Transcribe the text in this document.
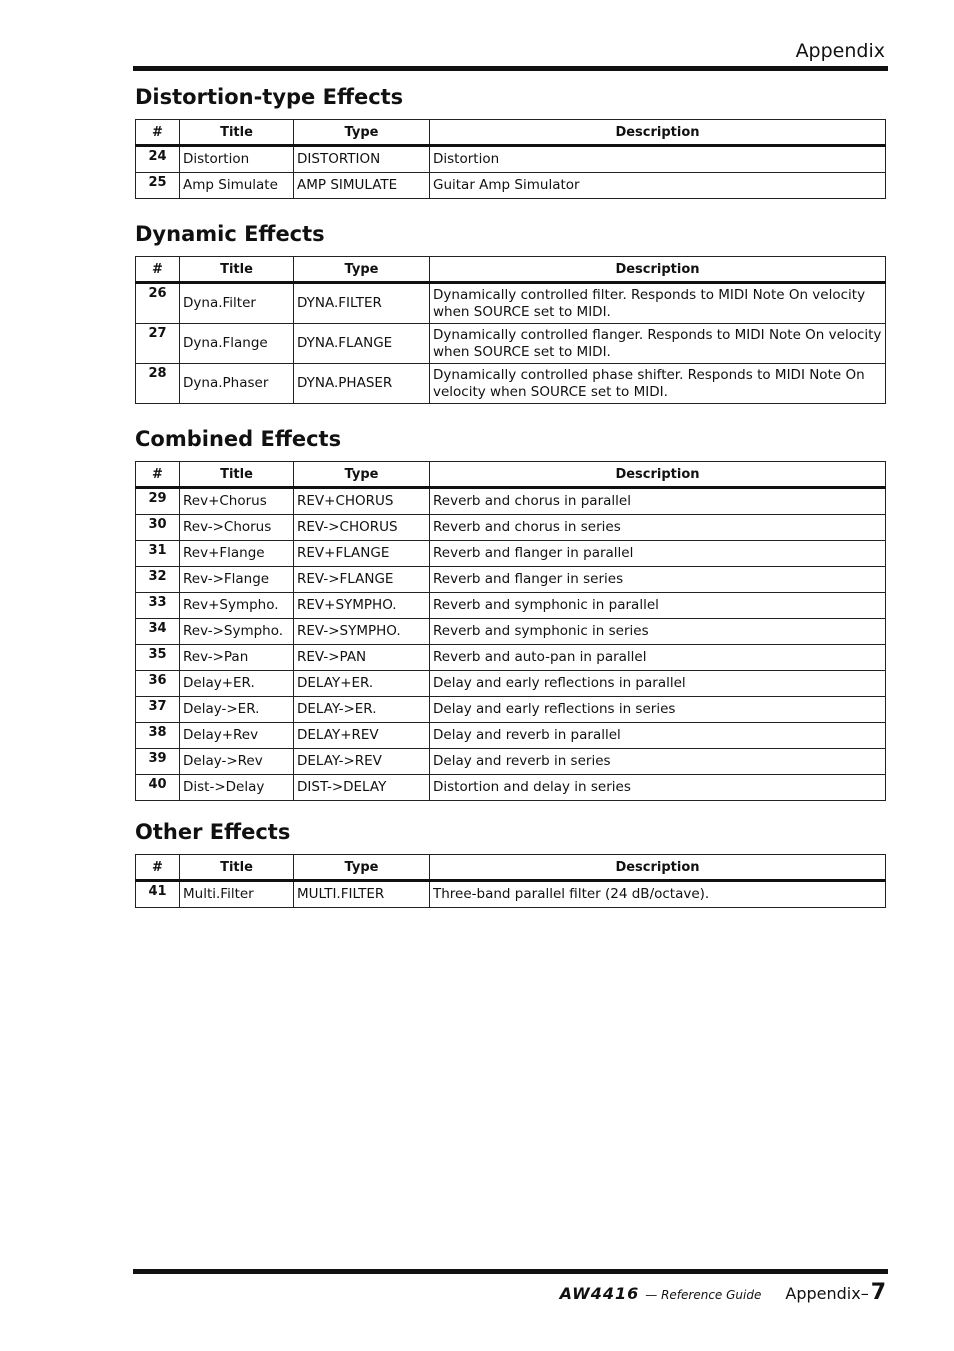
Appendix
Distortion-type Effects
#	Title	Type	Description
24	Distortion	DISTORTION	Distortion
25	Amp Simulate	AMP SIMULATE	Guitar Amp Simulator
Dynamic Effects
#	Title	Type	Description
26	Dyna.Filter	DYNA.FILTER	Dynamically controlled filter. Responds to MIDI Note On velocity when SOURCE set to MIDI.
27	Dyna.Flange	DYNA.FLANGE	Dynamically controlled flanger. Responds to MIDI Note On velocity when SOURCE set to MIDI.
28	Dyna.Phaser	DYNA.PHASER	Dynamically controlled phase shifter. Responds to MIDI Note On velocity when SOURCE set to MIDI.
Combined Effects
#	Title	Type	Description
29	Rev+Chorus	REV+CHORUS	Reverb and chorus in parallel
30	Rev->Chorus	REV->CHORUS	Reverb and chorus in series
31	Rev+Flange	REV+FLANGE	Reverb and flanger in parallel
32	Rev->Flange	REV->FLANGE	Reverb and flanger in series
33	Rev+Sympho.	REV+SYMPHO.	Reverb and symphonic in parallel
34	Rev->Sympho.	REV->SYMPHO.	Reverb and symphonic in series
35	Rev->Pan	REV->PAN	Reverb and auto-pan in parallel
36	Delay+ER.	DELAY+ER.	Delay and early reflections in parallel
37	Delay->ER.	DELAY->ER.	Delay and early reflections in series
38	Delay+Rev	DELAY+REV	Delay and reverb in parallel
39	Delay->Rev	DELAY->REV	Delay and reverb in series
40	Dist->Delay	DIST->DELAY	Distortion and delay in series
Other Effects
#	Title	Type	Description
41	Multi.Filter	MULTI.FILTER	Three-band parallel filter (24 dB/octave).
AW4416 — Reference Guide Appendix– 7
